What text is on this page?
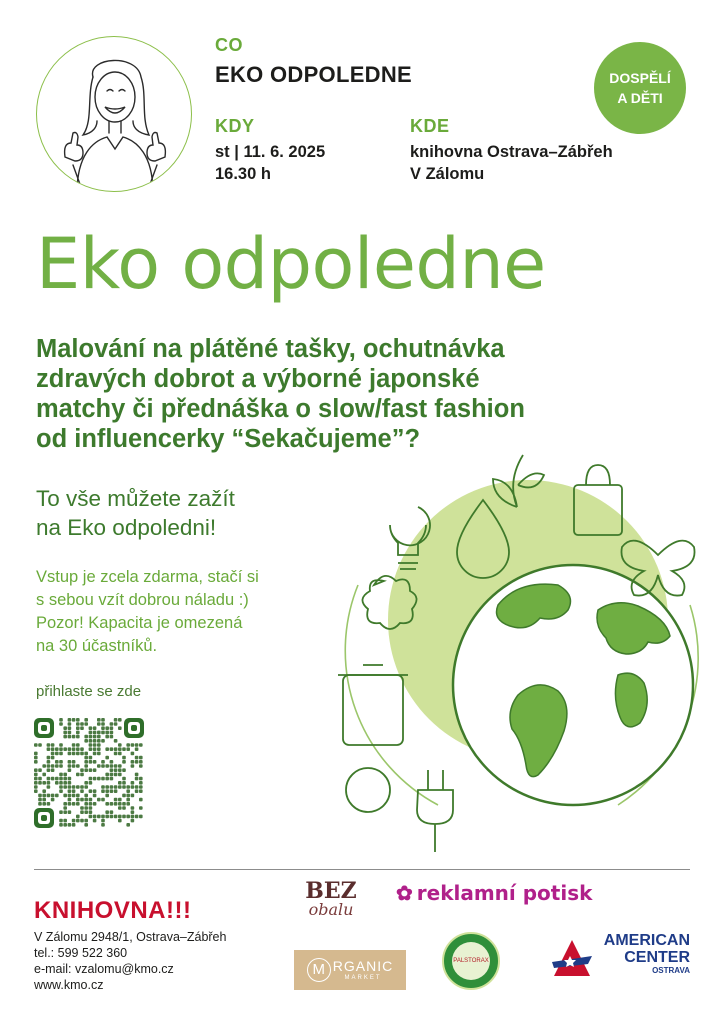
CO
EKO ODPOLEDNE
KDY
st | 11. 6. 2025
16.30 h
KDE
knihovna Ostrava–Zábřeh
V Zálomu
DOSPĚLÍ
A DĚTI
Eko odpoledne
Malování na plátěné tašky, ochutnávka
zdravých dobrot a výborné japonské
matchy či přednáška o slow/fast fashion
od influencerky “Sekačujeme”?
To vše můžete zažít
na Eko odpoledni!
Vstup je zcela zdarma, stačí si
s sebou vzít dobrou náladu :)
Pozor! Kapacita je omezená
na 30 účastníků.
přihlaste se zde
KNIHOVNA!!!
V Zálomu 2948/1, Ostrava–Zábřeh
tel.: 599 522 360
e-mail: vzalomu@kmo.cz
www.kmo.cz
BEZ
obalu
✿ reklamní potisk
M RGANIC
MARKET
PALSTORAX
AMERICAN
CENTER
OSTRAVA
